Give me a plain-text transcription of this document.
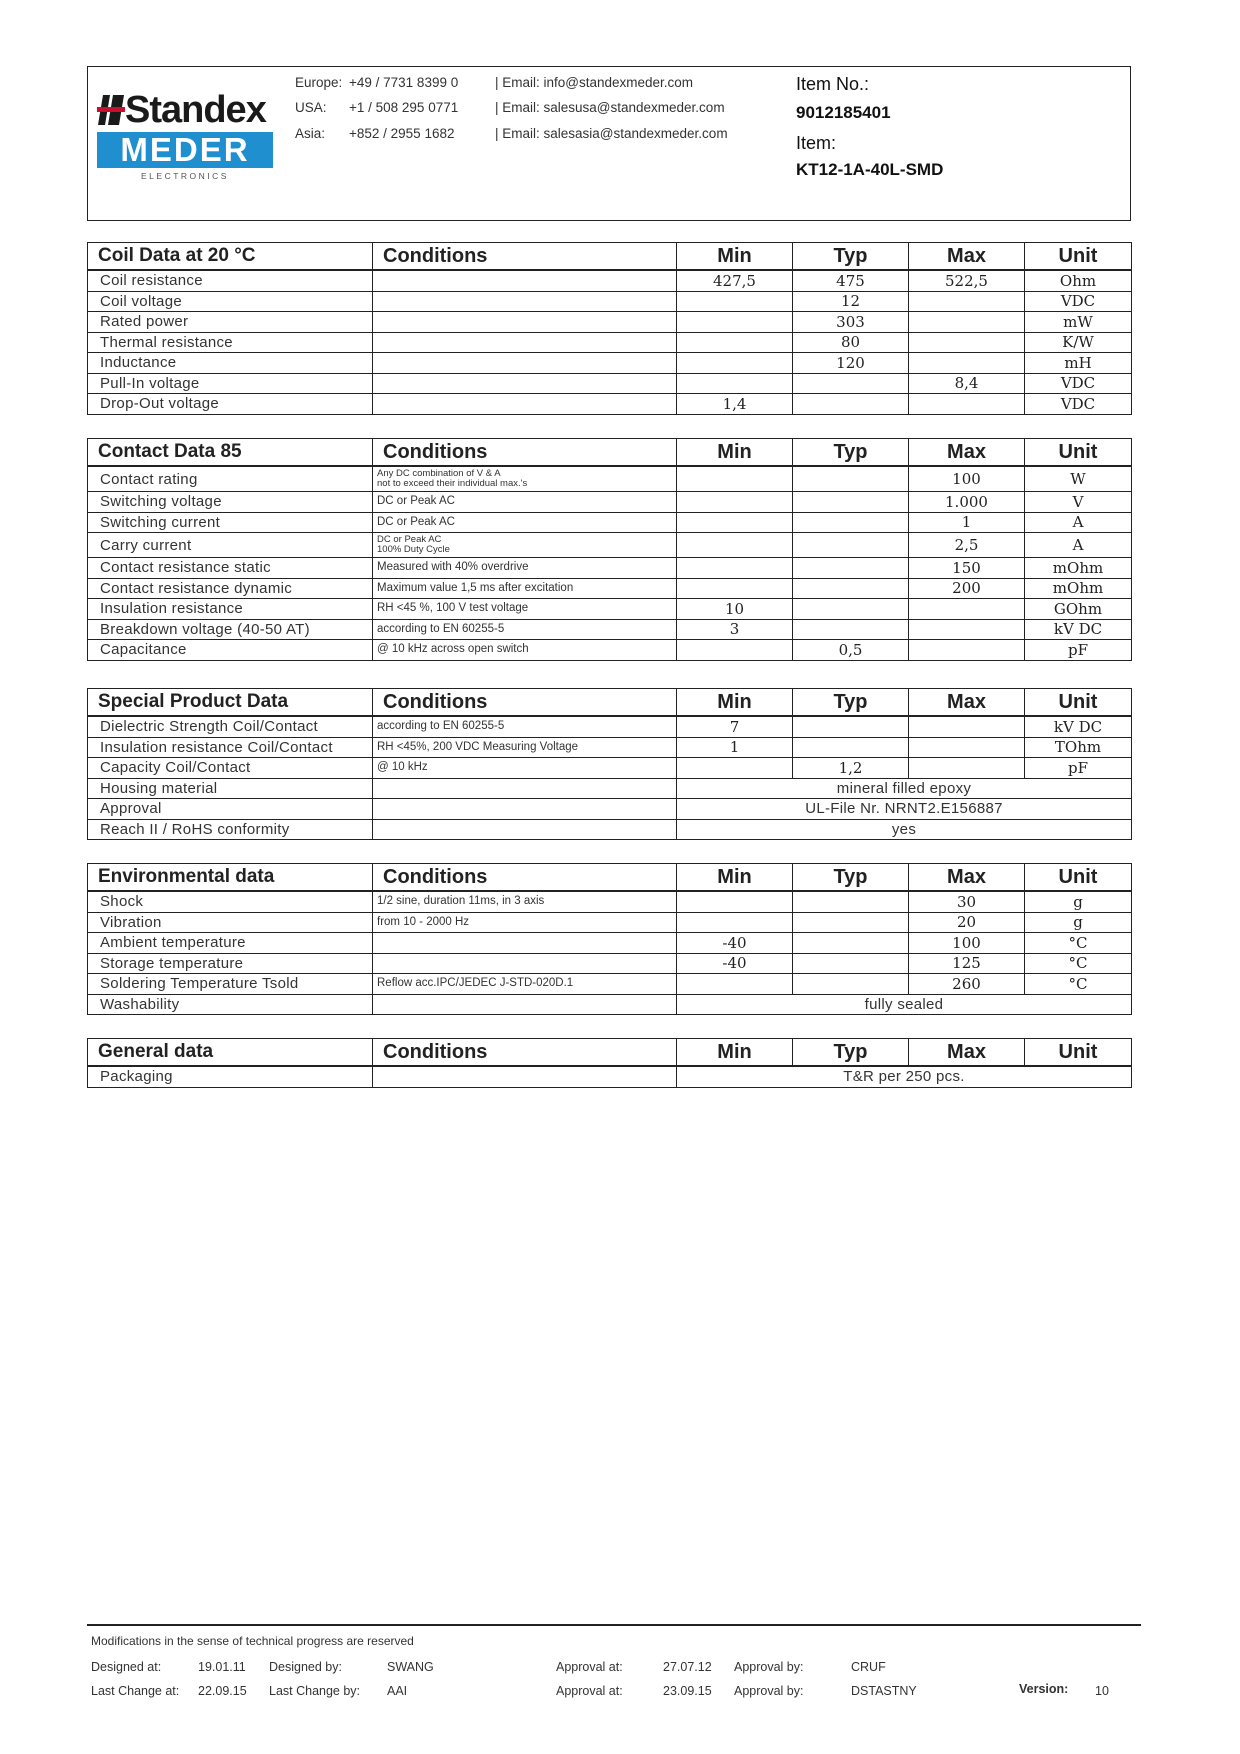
Standex
MEDER
ELECTRONICS
Europe: +49 / 7731 8399 0	| Email: info@standexmeder.com
USA: +1 / 508 295 0771	| Email: salesusa@standexmeder.com
Asia: +852 / 2955 1682	| Email: salesasia@standexmeder.com
Item No.:
9012185401
Item:
KT12-1A-40L-SMD
Coil Data at 20 °C	Conditions	Min	Typ	Max	Unit
Coil resistance		427,5	475	522,5	Ohm
Coil voltage			12		VDC
Rated power			303		mW
Thermal resistance			80		K/W
Inductance			120		mH
Pull-In voltage				8,4	VDC
Drop-Out voltage		1,4			VDC
Contact Data 85	Conditions	Min	Typ	Max	Unit
Contact rating	Any DC combination of V & A
not to exceed their individual max.'s			100	W
Switching voltage	DC or Peak AC			1.000	V
Switching current	DC or Peak AC			1	A
Carry current	DC or Peak AC
100% Duty Cycle			2,5	A
Contact resistance static	Measured with 40% overdrive			150	mOhm
Contact resistance dynamic	Maximum value 1,5 ms after excitation			200	mOhm
Insulation resistance	RH <45 %, 100 V test voltage	10			GOhm
Breakdown voltage (40-50 AT)	according to EN 60255-5	3			kV DC
Capacitance	@ 10 kHz across open switch		0,5		pF
Special Product Data	Conditions	Min	Typ	Max	Unit
Dielectric Strength Coil/Contact	according to EN 60255-5	7			kV DC
Insulation resistance Coil/Contact	RH <45%, 200 VDC Measuring Voltage	1			TOhm
Capacity Coil/Contact	@ 10 kHz		1,2		pF
Housing material		mineral filled epoxy			
Approval		UL-File Nr. NRNT2.E156887			
Reach II / RoHS conformity		yes			
Environmental data	Conditions	Min	Typ	Max	Unit
Shock	1/2 sine, duration 11ms, in 3 axis			30	g
Vibration	from 10 - 2000 Hz			20	g
Ambient temperature		-40		100	°C
Storage temperature		-40		125	°C
Soldering Temperature Tsold	Reflow acc.IPC/JEDEC J-STD-020D.1			260	°C
Washability		fully sealed			
General data	Conditions	Min	Typ	Max	Unit
Packaging		T&R per 250 pcs.			
Modifications in the sense of technical progress are reserved
Designed at:	19.01.11 Designed by:	SWANG	Approval at:	27.07.12 Approval by:	CRUF
Last Change at: 22.09.15 Last Change by: AAI	Approval at:	23.09.15 Approval by:	DSTASTNY	Version: 10
